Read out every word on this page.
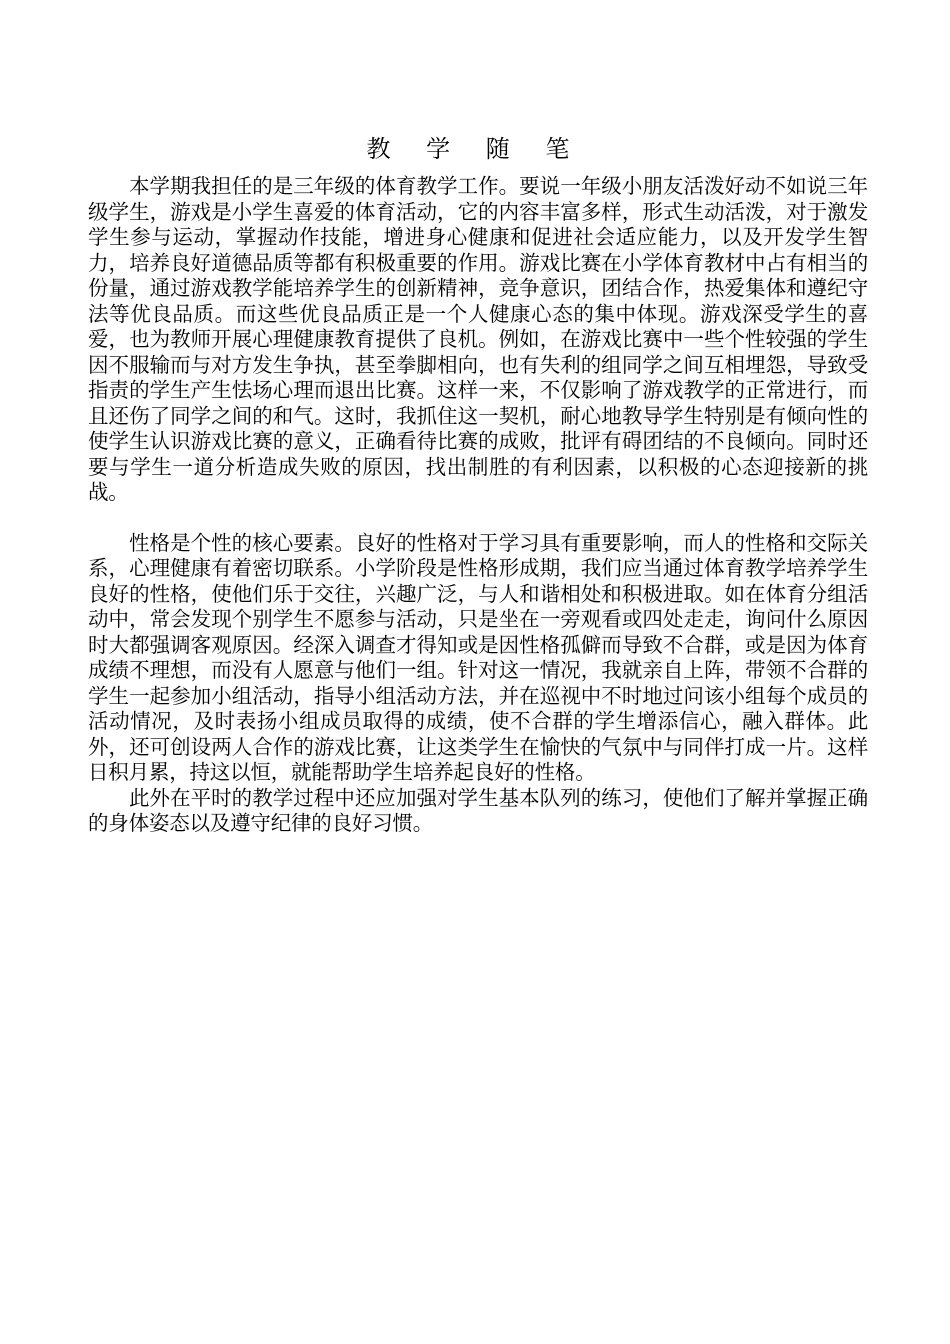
教 学 随 笔

本学期我担任的是三年级的体育教学工作。要说一年级小朋友活泼好动不如说三年级学生，游戏是小学生喜爱的体育活动，它的内容丰富多样，形式生动活泼，对于激发学生参与运动，掌握动作技能，增进身心健康和促进社会适应能力，以及开发学生智力，培养良好道德品质等都有积极重要的作用。游戏比赛在小学体育教材中占有相当的份量，通过游戏教学能培养学生的创新精神，竞争意识，团结合作，热爱集体和遵纪守法等优良品质。而这些优良品质正是一个人健康心态的集中体现。游戏深受学生的喜爱，也为教师开展心理健康教育提供了良机。例如，在游戏比赛中一些个性较强的学生因不服输而与对方发生争执，甚至拳脚相向，也有失利的组同学之间互相埋怨，导致受指责的学生产生怯场心理而退出比赛。这样一来，不仅影响了游戏教学的正常进行，而且还伤了同学之间的和气。这时，我抓住这一契机，耐心地教导学生特别是有倾向性的使学生认识游戏比赛的意义，正确看待比赛的成败，批评有碍团结的不良倾向。同时还要与学生一道分析造成失败的原因，找出制胜的有利因素，以积极的心态迎接新的挑战。

性格是个性的核心要素。良好的性格对于学习具有重要影响，而人的性格和交际关系，心理健康有着密切联系。小学阶段是性格形成期，我们应当通过体育教学培养学生良好的性格，使他们乐于交往，兴趣广泛，与人和谐相处和积极进取。如在体育分组活动中，常会发现个别学生不愿参与活动，只是坐在一旁观看或四处走走，询问什么原因时大都强调客观原因。经深入调查才得知或是因性格孤僻而导致不合群，或是因为体育成绩不理想，而没有人愿意与他们一组。针对这一情况，我就亲自上阵，带领不合群的学生一起参加小组活动，指导小组活动方法，并在巡视中不时地过问该小组每个成员的活动情况，及时表扬小组成员取得的成绩，使不合群的学生增添信心，融入群体。此外，还可创设两人合作的游戏比赛，让这类学生在愉快的气氛中与同伴打成一片。这样日积月累，持这以恒，就能帮助学生培养起良好的性格。

此外在平时的教学过程中还应加强对学生基本队列的练习，使他们了解并掌握正确的身体姿态以及遵守纪律的良好习惯。
